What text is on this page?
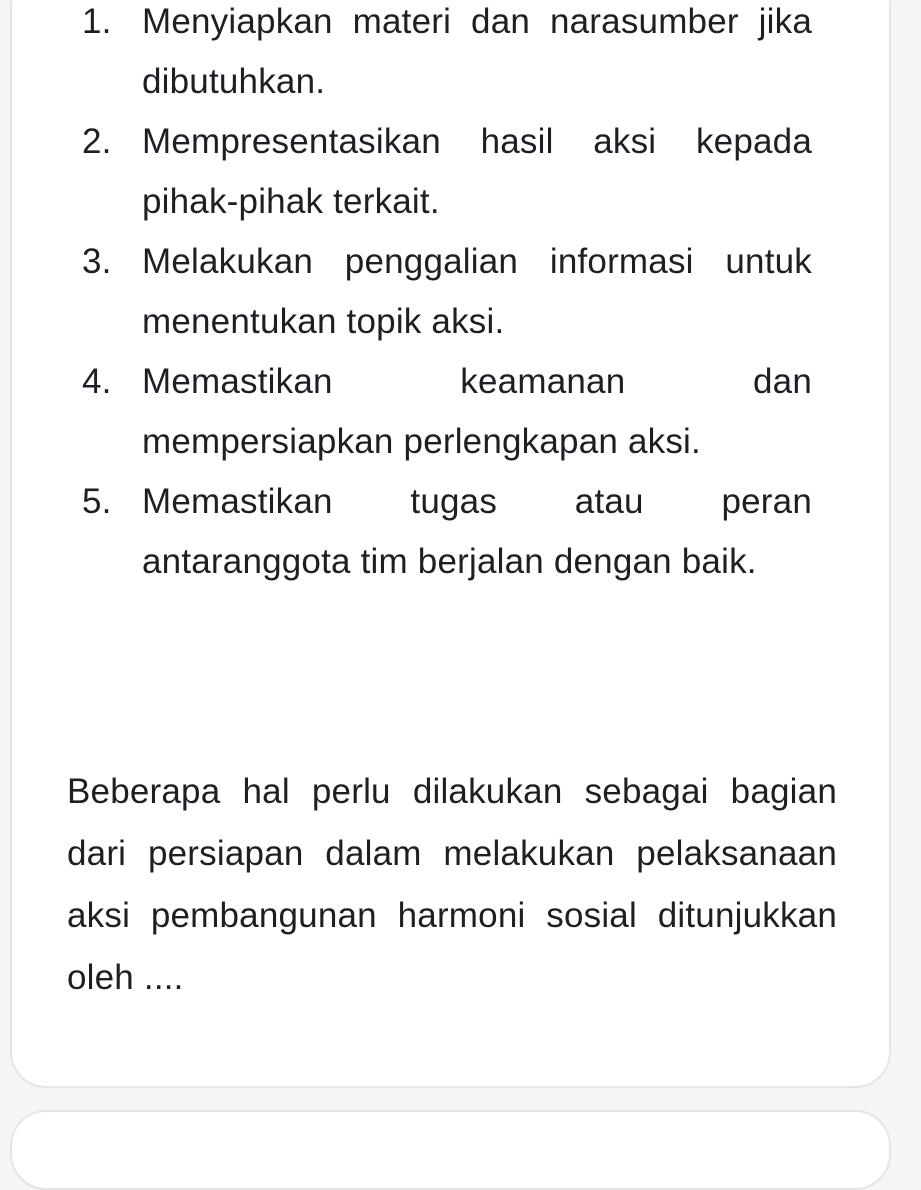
1. Menyiapkan materi dan narasumber jika dibutuhkan.
2. Mempresentasikan hasil aksi kepada pihak-pihak terkait.
3. Melakukan penggalian informasi untuk menentukan topik aksi.
4. Memastikan keamanan dan mempersiapkan perlengkapan aksi.
5. Memastikan tugas atau peran antaranggota tim berjalan dengan baik.

Beberapa hal perlu dilakukan sebagai bagian dari persiapan dalam melakukan pelaksanaan aksi pembangunan harmoni sosial ditunjukkan oleh ....
